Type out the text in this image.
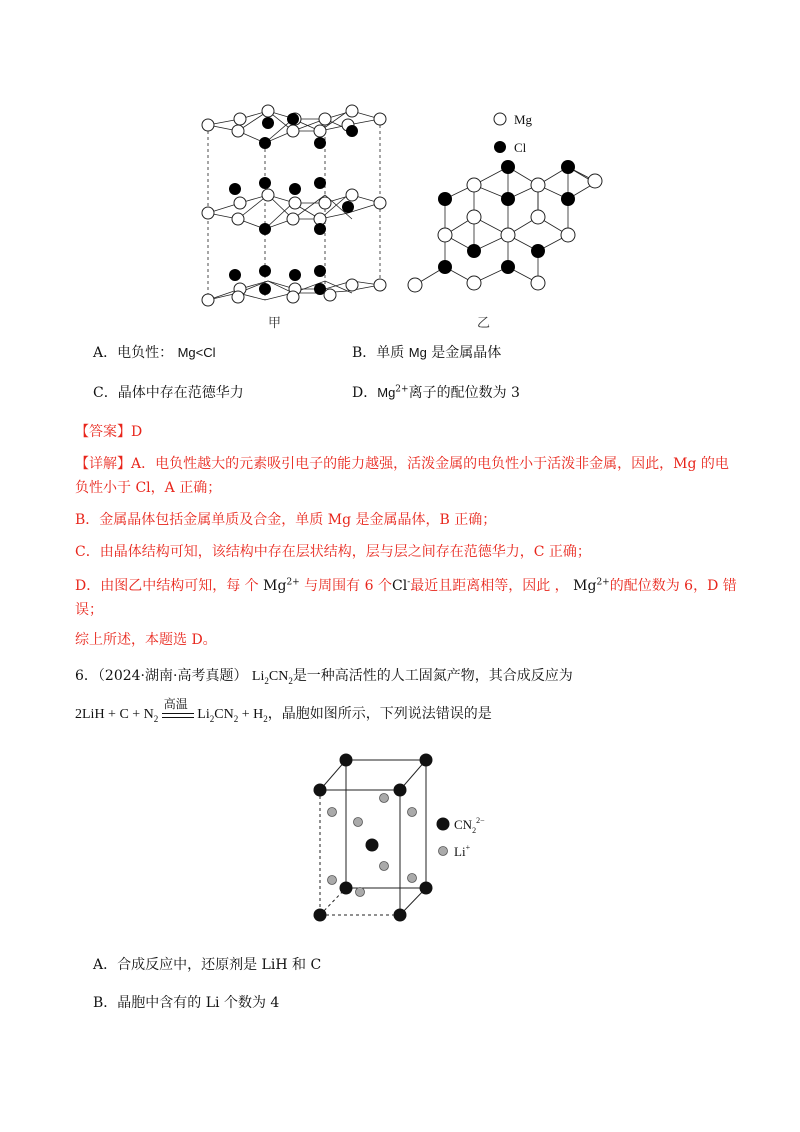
Mg
Cl
甲	乙
A．电负性： Mg<Cl	B．单质 Mg 是金属晶体
C．晶体中存在范德华力	D．$Mg^{2+}$离子的配位数为 3
【答案】D
【详解】A．电负性越大的元素吸引电子的能力越强，活泼金属的电负性小于活泼非金属，因此，Mg 的电
负性小于 Cl，A 正确；
B．金属晶体包括金属单质及合金，单质 Mg 是金属晶体，B 正确；
C．由晶体结构可知，该结构中存在层状结构，层与层之间存在范德华力，C 正确；
D．由图乙中结构可知，每 个 $Mg^{2+}$ 与周围有 6 个Cl-最近且距离相等，因此 ， $Mg^{2+}$的配位数为 6，D 错
误；
综上所述，本题选 D。
6．（2024·湖南·高考真题） $Li_2CN_2$是一种高活性的人工固氮产物，其合成反应为
$2LiH + C + N_2$
高温
$Li_2CN_2 + H_2$，晶胞如图所示，下列说法错误的是
$CN_2^{2-}$
Li+
A．合成反应中，还原剂是 LiH 和 C
B．晶胞中含有的 Li 个数为 4
